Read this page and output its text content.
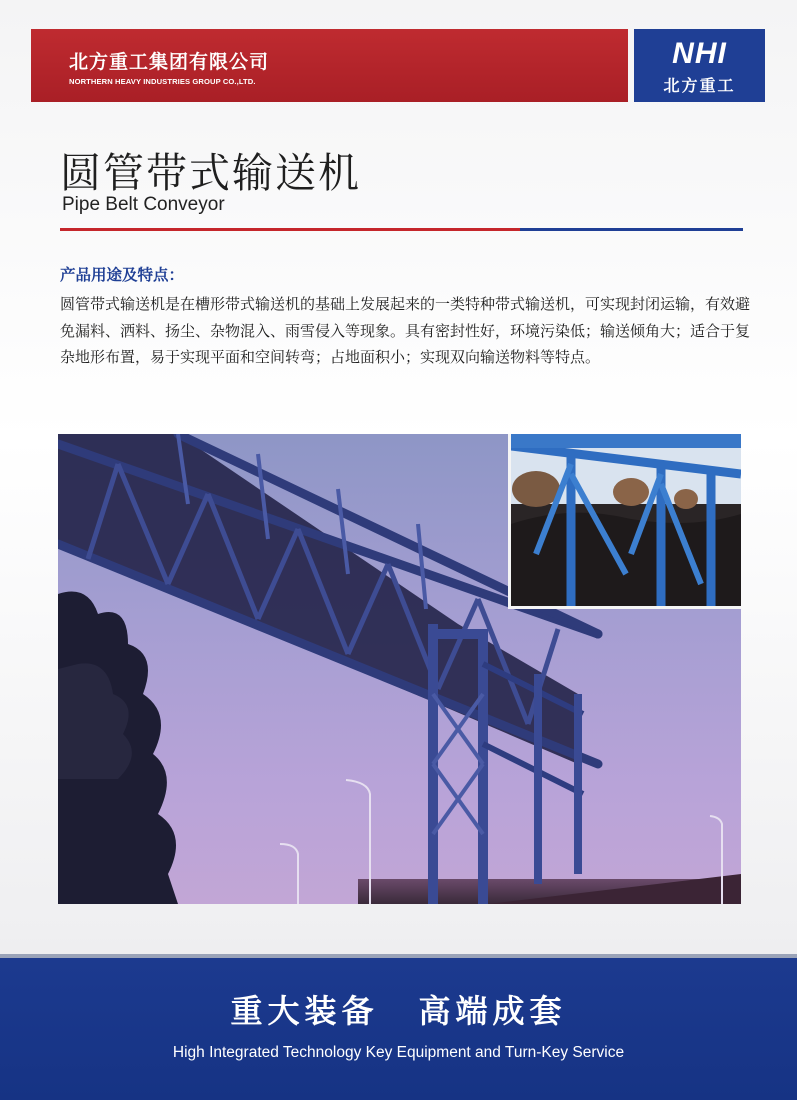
北方重工集团有限公司
NORTHERN HEAVY INDUSTRIES GROUP CO.,LTD.
NHI
北方重工
圆管带式输送机
Pipe Belt Conveyor
产品用途及特点：
圆管带式输送机是在槽形带式输送机的基础上发展起来的一类特种带式输送机，可实现封闭运输，有效避免漏料、洒料、扬尘、杂物混入、雨雪侵入等现象。具有密封性好，环境污染低；输送倾角大；适合于复杂地形布置，易于实现平面和空间转弯；占地面积小；实现双向输送物料等特点。
重大装备 高端成套
High Integrated Technology Key Equipment and Turn-Key Service
